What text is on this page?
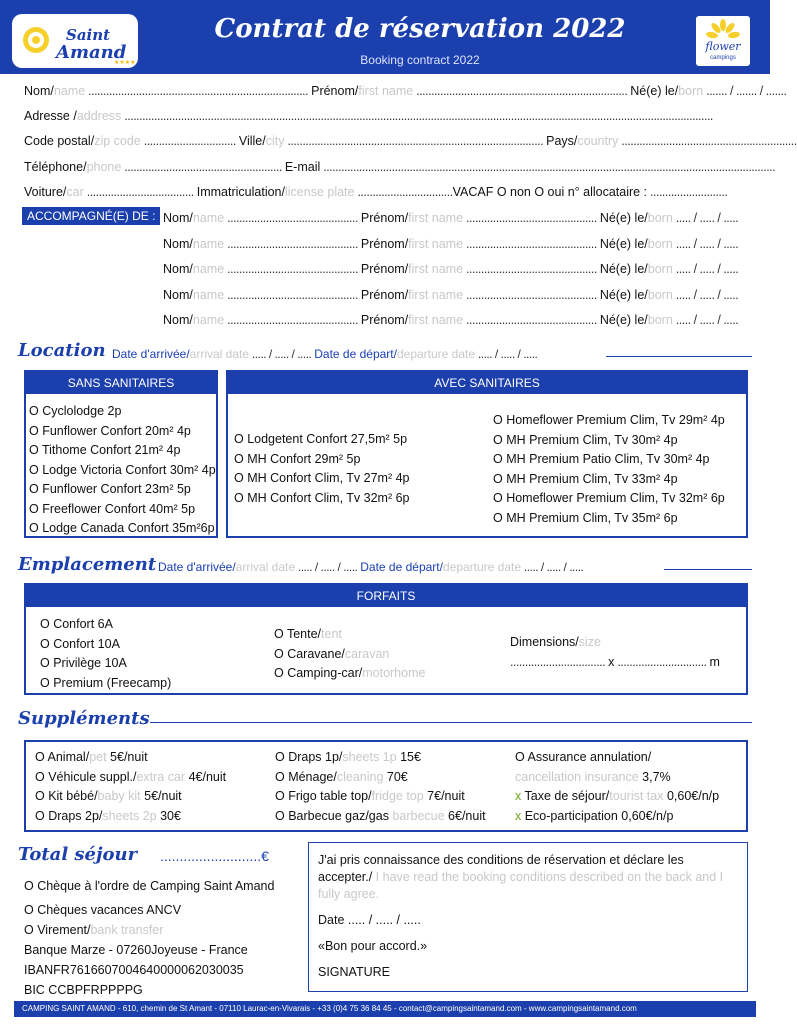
Saint
Amand
★★★★
Contrat de réservation 2022
Booking contract 2022
flower
campings
Nom/name .......................................................................... Prénom/first name ....................................................................... Né(e) le/born ....... / ....... / .......
Adresse /address ......................................................................................................................................................................................................
Code postal/zip code ............................... Ville/city ...................................................................................... Pays/country ...........................................................
Téléphone/phone ..................................................... E-mail ........................................................................................................................................................
Voiture/car .................................... Immatriculation/license plate ................................VACAF O non O oui n° allocataire : ..........................
ACCOMPAGNÉ(E) DE : Nom/name ............................................ Prénom/first name ............................................ Né(e) le/born ..... / ..... / .....
Nom/name ............................................ Prénom/first name ............................................ Né(e) le/born ..... / ..... / .....
Nom/name ............................................ Prénom/first name ............................................ Né(e) le/born ..... / ..... / .....
Nom/name ............................................ Prénom/first name ............................................ Né(e) le/born ..... / ..... / .....
Nom/name ............................................ Prénom/first name ............................................ Né(e) le/born ..... / ..... / .....
Location Date d'arrivée/arrival date ..... / ..... / ..... Date de départ/departure date ..... / ..... / .....
SANS SANITAIRES
O Cyclolodge 2p
O Funflower Confort 20m² 4p
O Tithome Confort 21m² 4p
O Lodge Victoria Confort 30m² 4p
O Funflower Confort 23m² 5p
O Freeflower Confort 40m² 5p
O Lodge Canada Confort 35m²6p
AVEC SANITAIRES
O Lodgetent Confort 27,5m² 5p
O MH Confort 29m² 5p
O MH Confort Clim, Tv 27m² 4p
O MH Confort Clim, Tv 32m² 6p
O Homeflower Premium Clim, Tv 29m² 4p
O MH Premium Clim, Tv 30m² 4p
O MH Premium Patio Clim, Tv 30m² 4p
O MH Premium Clim, Tv 33m² 4p
O Homeflower Premium Clim, Tv 32m² 6p
O MH Premium Clim, Tv 35m² 6p
Emplacement Date d'arrivée/arrival date ..... / ..... / ..... Date de départ/departure date ..... / ..... / .....
FORFAITS
O Confort 6A
O Confort 10A
O Privilège 10A
O Premium (Freecamp)
O Tente/tent
O Caravane/caravan
O Camping-car/motorhome
Dimensions/size
................................ x .............................. m
Suppléments
O Animal/pet 5€/nuit
O Véhicule suppl./extra car 4€/nuit
O Kit bébé/baby kit 5€/nuit
O Draps 2p/sheets 2p 30€
O Draps 1p/sheets 1p 15€
O Ménage/cleaning 70€
O Frigo table top/fridge top 7€/nuit
O Barbecue gaz/gas barbecue 6€/nuit
O Assurance annulation/
cancellation insurance 3,7%
x Taxe de séjour/tourist tax 0,60€/n/p
x Eco-participation 0,60€/n/p
Total séjour ..........................€
O Chèque à l'ordre de Camping Saint Amand
O Chèques vacances ANCV
O Virement/bank transfer
Banque Marze - 07260Joyeuse - France
IBANFR7616607004640000062030035
BIC CCBPFRPPPPG
J'ai pris connaissance des conditions de réservation et déclare les accepter./ I have read the booking conditions described on the back and I fully agree.
Date ..... / ..... / .....
«Bon pour accord.»
SIGNATURE
CAMPING SAINT AMAND - 610, chemin de St Amant - 07110 Laurac-en-Vivarais - +33 (0)4 75 36 84 45 - contact@campingsaintamand.com - www.campingsaintamand.com
